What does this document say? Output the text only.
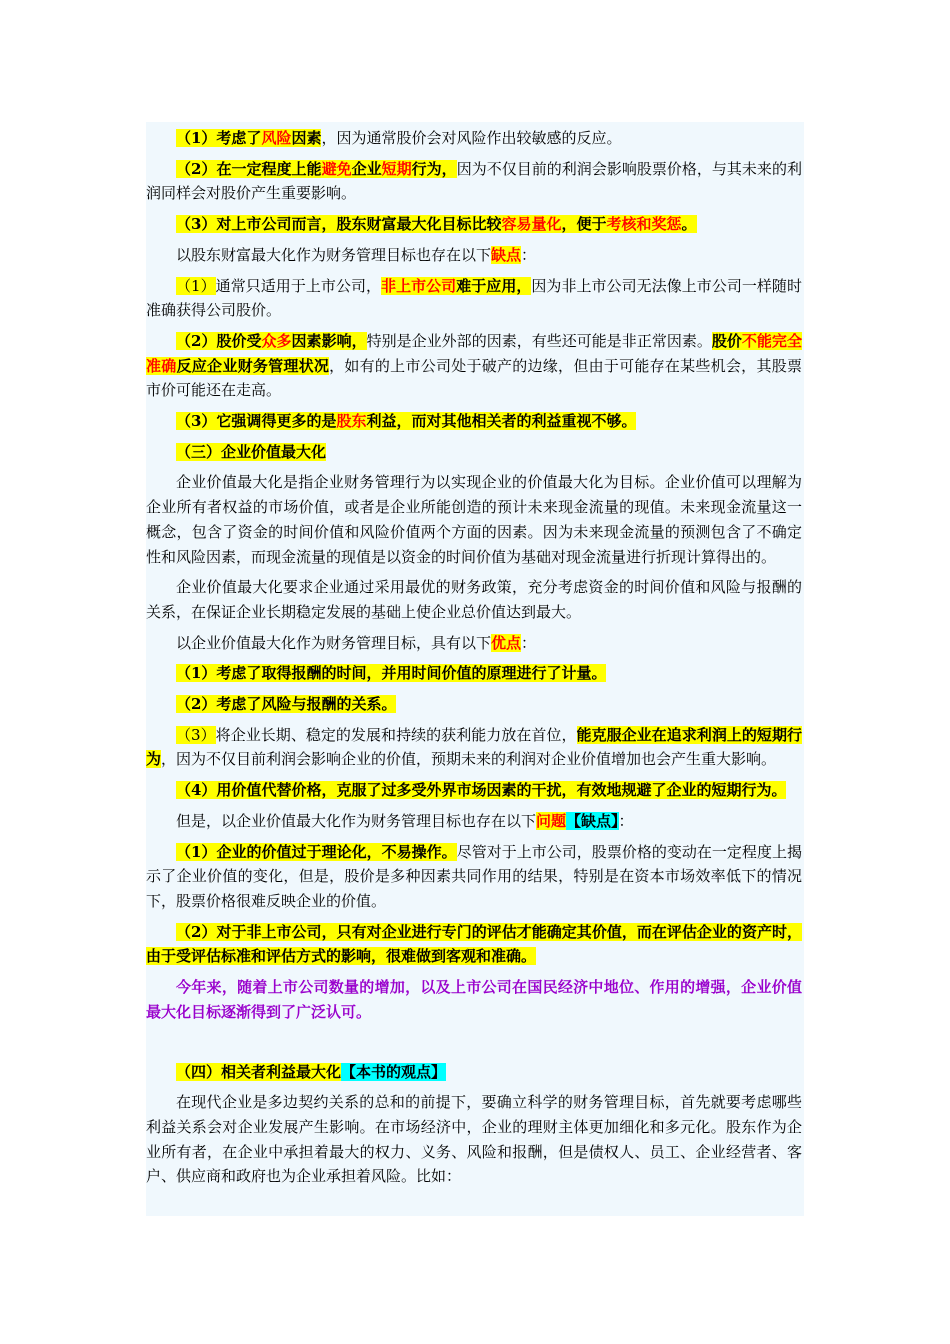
（1）考虑了风险因素，因为通常股价会对风险作出较敏感的反应。

（2）在一定程度上能避免企业短期行为，因为不仅目前的利润会影响股票价格，与其未来的利润同样会对股价产生重要影响。

（3）对上市公司而言，股东财富最大化目标比较容易量化，便于考核和奖惩。

以股东财富最大化作为财务管理目标也存在以下缺点：

（1）通常只适用于上市公司，非上市公司难于应用，因为非上市公司无法像上市公司一样随时准确获得公司股价。

（2）股价受众多因素影响，特别是企业外部的因素，有些还可能是非正常因素。股价不能完全准确反应企业财务管理状况，如有的上市公司处于破产的边缘，但由于可能存在某些机会，其股票市价可能还在走高。

（3）它强调得更多的是股东利益，而对其他相关者的利益重视不够。

（三）企业价值最大化

企业价值最大化是指企业财务管理行为以实现企业的价值最大化为目标。企业价值可以理解为企业所有者权益的市场价值，或者是企业所能创造的预计未来现金流量的现值。未来现金流量这一概念，包含了资金的时间价值和风险价值两个方面的因素。因为未来现金流量的预测包含了不确定性和风险因素，而现金流量的现值是以资金的时间价值为基础对现金流量进行折现计算得出的。

企业价值最大化要求企业通过采用最优的财务政策，充分考虑资金的时间价值和风险与报酬的关系，在保证企业长期稳定发展的基础上使企业总价值达到最大。

以企业价值最大化作为财务管理目标，具有以下优点：

（1）考虑了取得报酬的时间，并用时间价值的原理进行了计量。

（2）考虑了风险与报酬的关系。

（3）将企业长期、稳定的发展和持续的获利能力放在首位，能克服企业在追求利润上的短期行为，因为不仅目前利润会影响企业的价值，预期未来的利润对企业价值增加也会产生重大影响。

（4）用价值代替价格，克服了过多受外界市场因素的干扰，有效地规避了企业的短期行为。

但是，以企业价值最大化作为财务管理目标也存在以下问题【缺点】：

（1）企业的价值过于理论化，不易操作。尽管对于上市公司，股票价格的变动在一定程度上揭示了企业价值的变化，但是，股价是多种因素共同作用的结果，特别是在资本市场效率低下的情况下，股票价格很难反映企业的价值。

（2）对于非上市公司，只有对企业进行专门的评估才能确定其价值，而在评估企业的资产时，由于受评估标准和评估方式的影响，很难做到客观和准确。

今年来，随着上市公司数量的增加，以及上市公司在国民经济中地位、作用的增强，企业价值最大化目标逐渐得到了广泛认可。

（四）相关者利益最大化【本书的观点】

在现代企业是多边契约关系的总和的前提下，要确立科学的财务管理目标，首先就要考虑哪些利益关系会对企业发展产生影响。在市场经济中，企业的理财主体更加细化和多元化。股东作为企业所有者，在企业中承担着最大的权力、义务、风险和报酬，但是债权人、员工、企业经营者、客户、供应商和政府也为企业承担着风险。比如：
